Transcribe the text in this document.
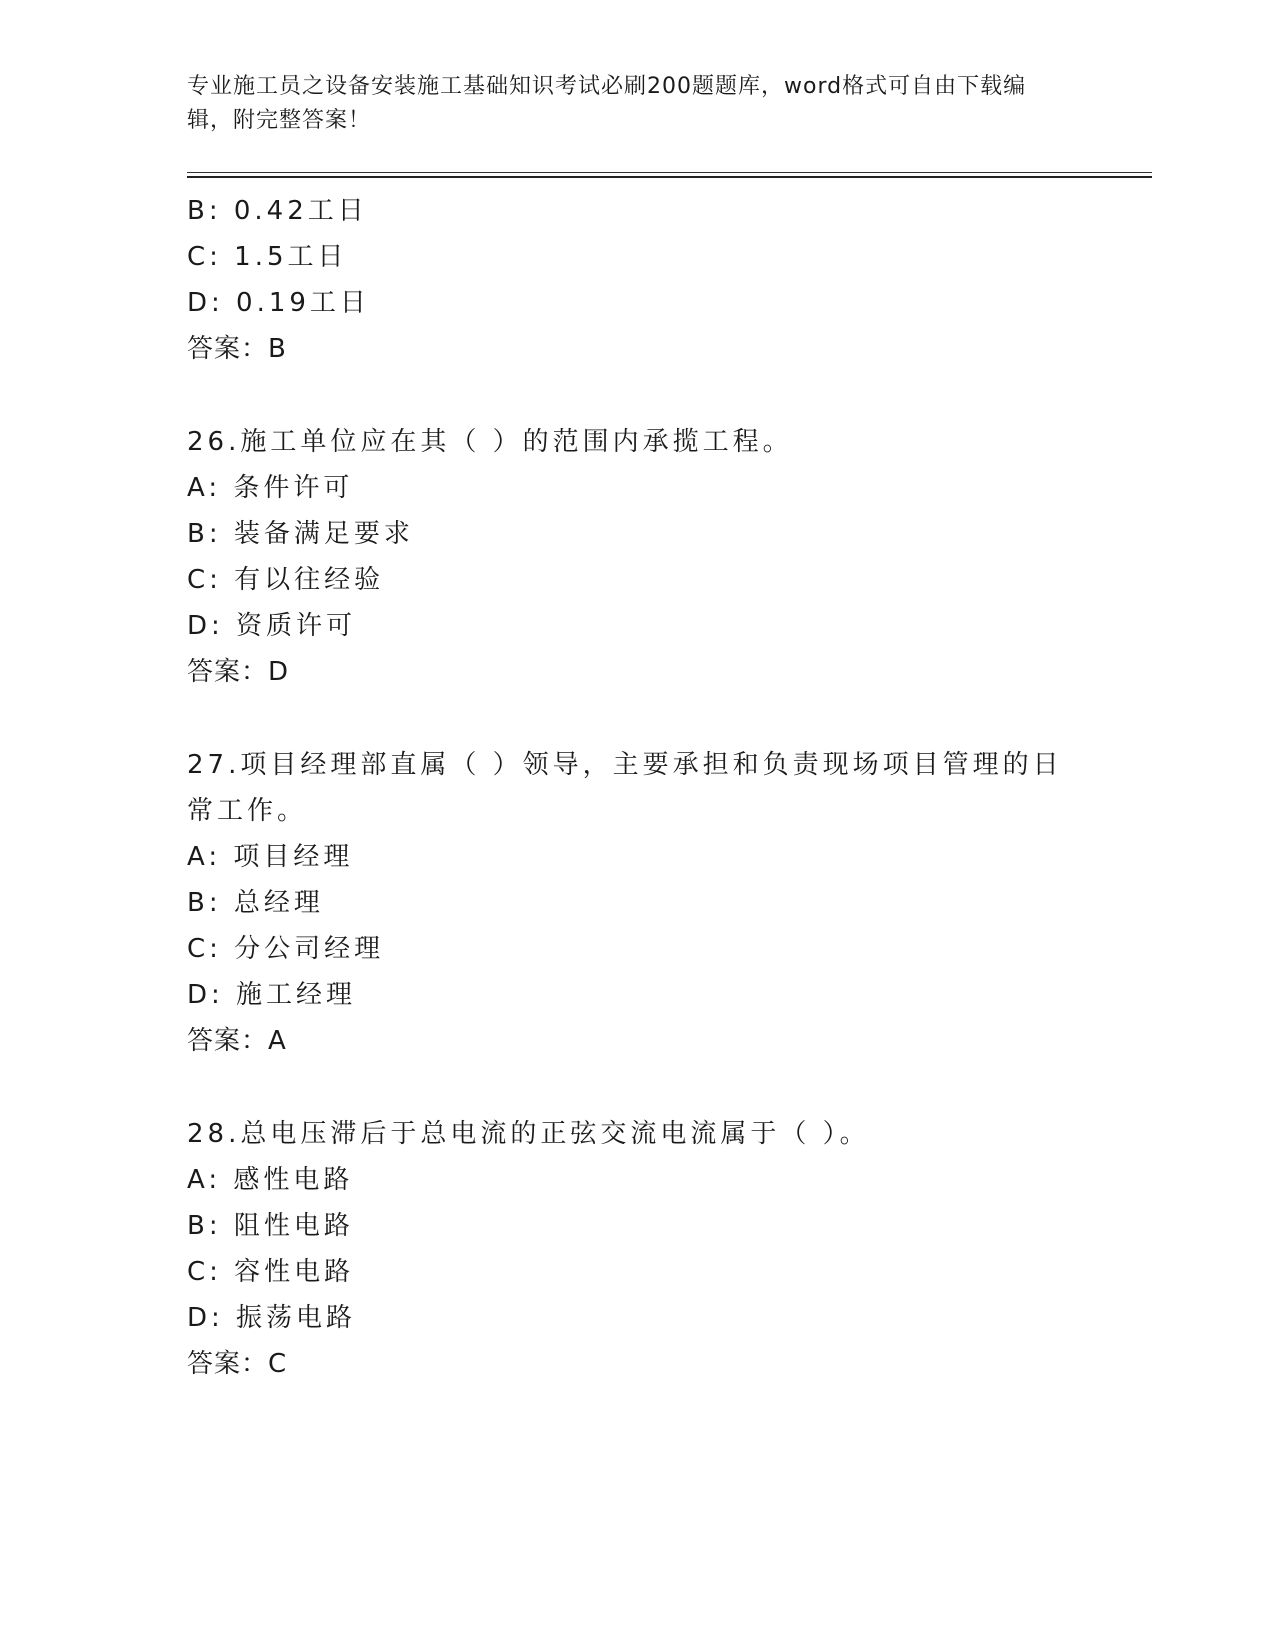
专业施工员之设备安装施工基础知识考试必刷200题题库，word格式可自由下载编辑，附完整答案！
B: 0.42工日
C: 1.5工日
D: 0.19工日
答案：B
26.施工单位应在其（ ）的范围内承揽工程。
A: 条件许可
B: 装备满足要求
C: 有以往经验
D: 资质许可
答案：D
27.项目经理部直属（ ）领导，主要承担和负责现场项目管理的日常工作。
A: 项目经理
B: 总经理
C: 分公司经理
D: 施工经理
答案：A
28.总电压滞后于总电流的正弦交流电流属于（ ）。
A: 感性电路
B: 阻性电路
C: 容性电路
D: 振荡电路
答案：C
